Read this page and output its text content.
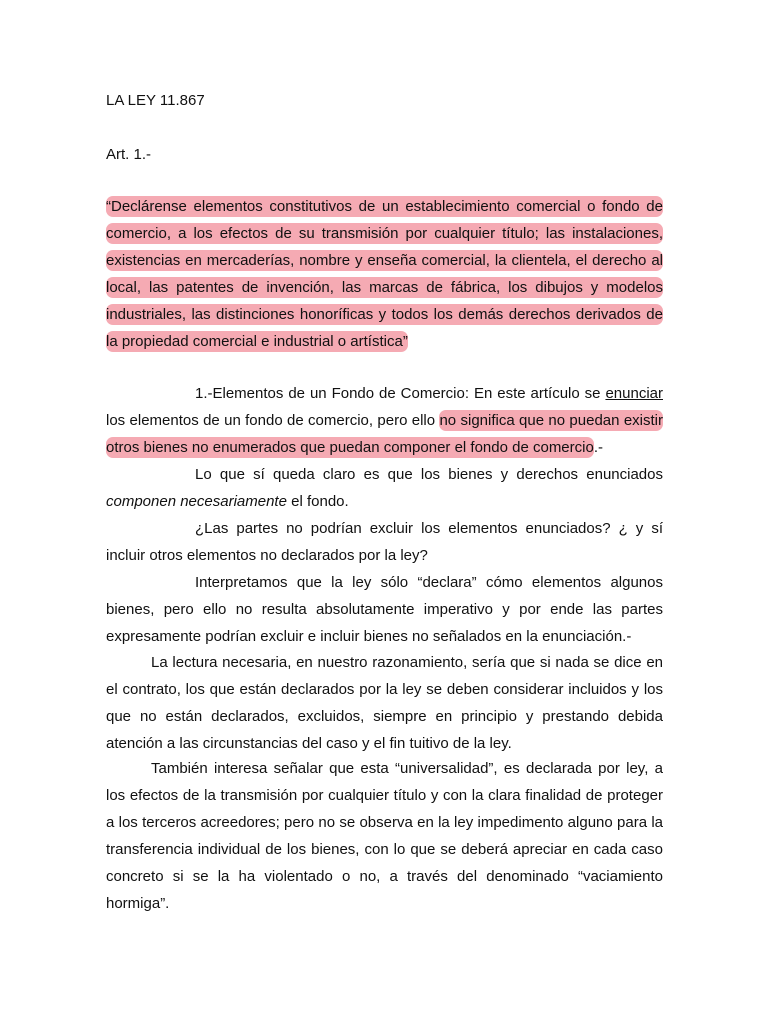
LA LEY 11.867
Art. 1.-

“Declárense elementos constitutivos de un establecimiento comercial o fondo de comercio, a los efectos de su transmisión por cualquier título; las instalaciones, existencias en mercaderías, nombre y enseña comercial, la clientela, el derecho al local, las patentes de invención, las marcas de fábrica, los dibujos y modelos industriales, las distinciones honoríficas y todos los demás derechos derivados de la propiedad comercial e industrial o artística”

1.-Elementos de un Fondo de Comercio: En este artículo se enunciar los elementos de un fondo de comercio, pero ello no significa que no puedan existir otros bienes no enumerados que puedan componer el fondo de comercio.-

Lo que sí queda claro es que los bienes y derechos enunciados componen necesariamente el fondo.

¿Las partes no podrían excluir los elementos enunciados? ¿ y sí incluir otros elementos no declarados por la ley?

Interpretamos que la ley sólo “declara” cómo elementos algunos bienes, pero ello no resulta absolutamente imperativo y por ende las partes expresamente podrían excluir e incluir bienes no señalados en la enunciación.-

La lectura necesaria, en nuestro razonamiento, sería que si nada se dice en el contrato, los que están declarados por la ley se deben considerar incluidos y los que no están declarados, excluidos, siempre en principio y prestando debida atención a las circunstancias del caso y el fin tuitivo de la ley.

También interesa señalar que esta “universalidad”, es declarada por ley, a los efectos de la transmisión por cualquier título y con la clara finalidad de proteger a los terceros acreedores; pero no se observa en la ley impedimento alguno para la transferencia individual de los bienes, con lo que se deberá apreciar en cada caso concreto si se la ha violentado o no, a través del denominado “vaciamiento hormiga”.
